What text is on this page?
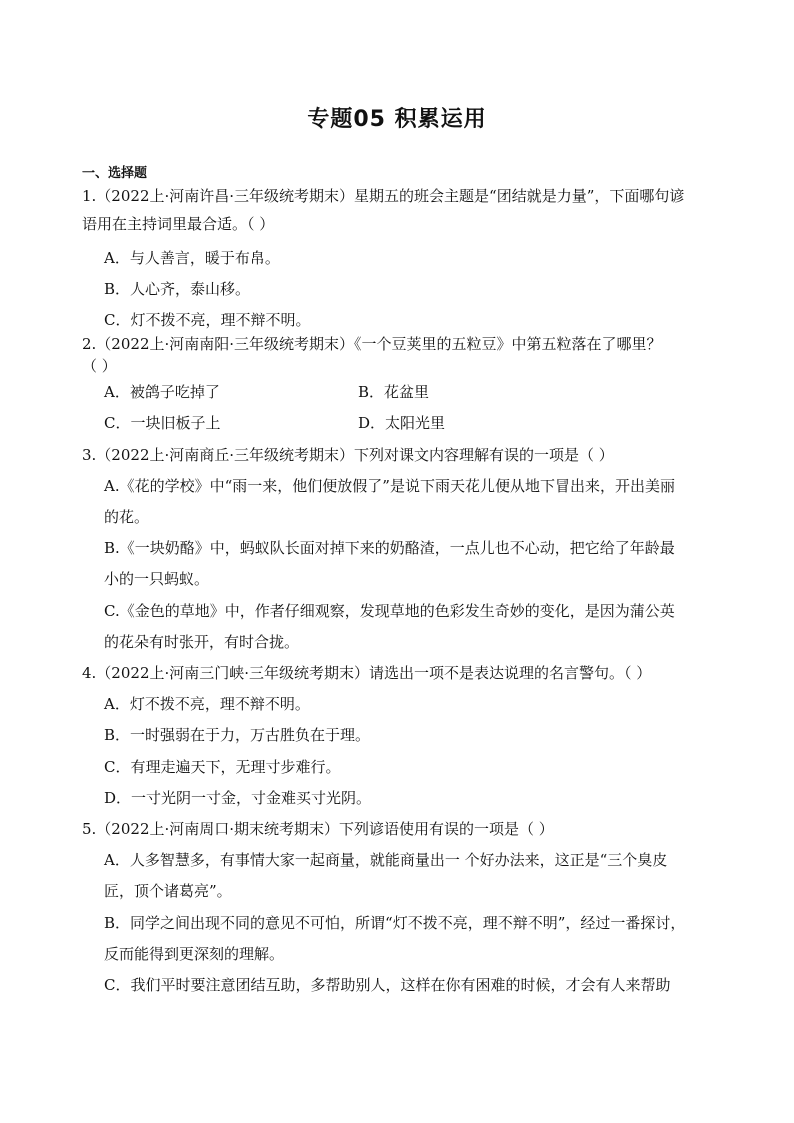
专题05 积累运用
一、选择题
1.（2022上·河南许昌·三年级统考期末）星期五的班会主题是“团结就是力量”，下面哪句谚
语用在主持词里最合适。（ ）
A．与人善言，暖于布帛。
B．人心齐，泰山移。
C．灯不拨不亮，理不辩不明。
2.（2022上·河南南阳·三年级统考期末）《一个豆荚里的五粒豆》中第五粒落在了哪里？
（ ）
A．被鸽子吃掉了	B．花盆里
C．一块旧板子上	D．太阳光里
3.（2022上·河南商丘·三年级统考期末）下列对课文内容理解有误的一项是（ ）
A.《花的学校》中“雨一来，他们便放假了”是说下雨天花儿便从地下冒出来，开出美丽
的花。
B.《一块奶酪》中，蚂蚁队长面对掉下来的奶酪渣，一点儿也不心动，把它给了年龄最
小的一只蚂蚁。
C.《金色的草地》中，作者仔细观察，发现草地的色彩发生奇妙的变化，是因为蒲公英
的花朵有时张开，有时合拢。
4.（2022上·河南三门峡·三年级统考期末）请选出一项不是表达说理的名言警句。（ ）
A．灯不拨不亮，理不辩不明。
B．一时强弱在于力，万古胜负在于理。
C．有理走遍天下，无理寸步难行。
D．一寸光阴一寸金，寸金难买寸光阴。
5.（2022上·河南周口·期末统考期末）下列谚语使用有误的一项是（ ）
A．人多智慧多，有事情大家一起商量，就能商量出一 个好办法来，这正是“三个臭皮
匠，顶个诸葛亮”。
B．同学之间出现不同的意见不可怕，所谓“灯不拨不亮，理不辩不明”，经过一番探讨，
反而能得到更深刻的理解。
C．我们平时要注意团结互助，多帮助别人，这样在你有困难的时候，才会有人来帮助
